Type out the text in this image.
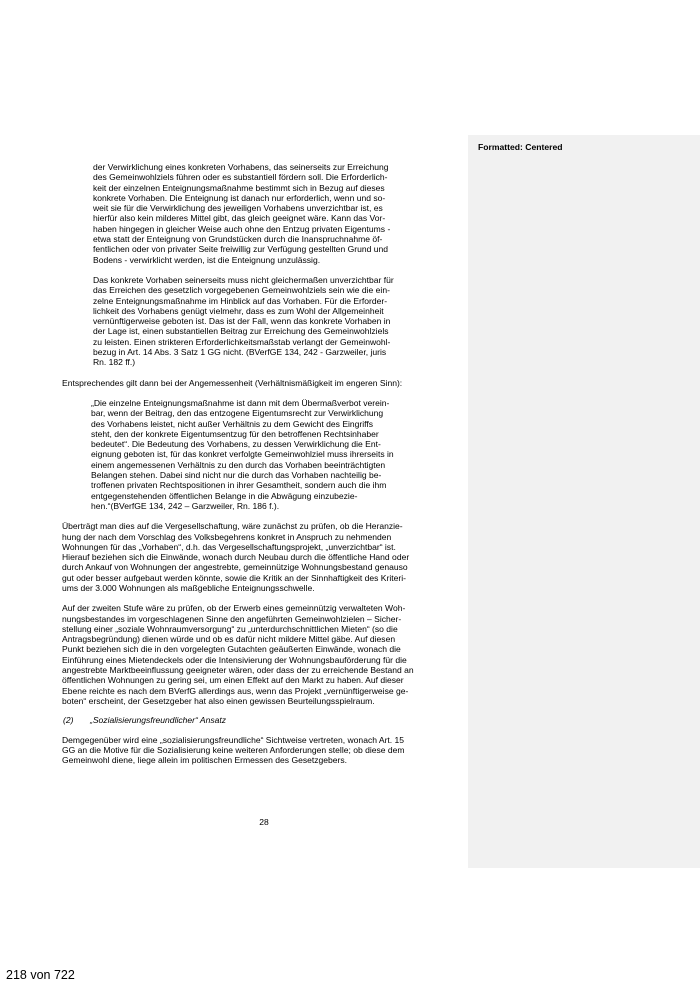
Formatted: Centered
der Verwirklichung eines konkreten Vorhabens, das seinerseits zur Erreichung
des Gemeinwohlziels führen oder es substantiell fördern soll. Die Erforderlich-
keit der einzelnen Enteignungsmaßnahme bestimmt sich in Bezug auf dieses
konkrete Vorhaben. Die Enteignung ist danach nur erforderlich, wenn und so-
weit sie für die Verwirklichung des jeweiligen Vorhabens unverzichtbar ist, es
hierfür also kein milderes Mittel gibt, das gleich geeignet wäre. Kann das Vor-
haben hingegen in gleicher Weise auch ohne den Entzug privaten Eigentums -
etwa statt der Enteignung von Grundstücken durch die Inanspruchnahme öf-
fentlichen oder von privater Seite freiwillig zur Verfügung gestellten Grund und
Bodens - verwirklicht werden, ist die Enteignung unzulässig.
Das konkrete Vorhaben seinerseits muss nicht gleichermaßen unverzichtbar für
das Erreichen des gesetzlich vorgegebenen Gemeinwohlziels sein wie die ein-
zelne Enteignungsmaßnahme im Hinblick auf das Vorhaben. Für die Erforder-
lichkeit des Vorhabens genügt vielmehr, dass es zum Wohl der Allgemeinheit
vernünftigerweise geboten ist. Das ist der Fall, wenn das konkrete Vorhaben in
der Lage ist, einen substantiellen Beitrag zur Erreichung des Gemeinwohlziels
zu leisten. Einen strikteren Erforderlichkeitsmaßstab verlangt der Gemeinwohl-
bezug in Art. 14 Abs. 3 Satz 1 GG nicht. (BVerfGE 134, 242 - Garzweiler, juris
Rn. 182 ff.)
Entsprechendes gilt dann bei der Angemessenheit (Verhältnismäßigkeit im engeren Sinn):
„Die einzelne Enteignungsmaßnahme ist dann mit dem Übermaßverbot verein-
bar, wenn der Beitrag, den das entzogene Eigentumsrecht zur Verwirklichung
des Vorhabens leistet, nicht außer Verhältnis zu dem Gewicht des Eingriffs
steht, den der konkrete Eigentumsentzug für den betroffenen Rechtsinhaber
bedeutet“. Die Bedeutung des Vorhabens, zu dessen Verwirklichung die Ent-
eignung geboten ist, für das konkret verfolgte Gemeinwohlziel muss ihrerseits in
einem angemessenen Verhältnis zu den durch das Vorhaben beeinträchtigten
Belangen stehen. Dabei sind nicht nur die durch das Vorhaben nachteilig be-
troffenen privaten Rechtspositionen in ihrer Gesamtheit, sondern auch die ihm
entgegenstehenden öffentlichen Belange in die Abwägung einzubezie-
hen.“(BVerfGE 134, 242 – Garzweiler, Rn. 186 f.).
Überträgt man dies auf die Vergesellschaftung, wäre zunächst zu prüfen, ob die Heranzie-
hung der nach dem Vorschlag des Volksbegehrens konkret in Anspruch zu nehmenden
Wohnungen für das „Vorhaben“, d.h. das Vergesellschaftungsprojekt, „unverzichtbar“ ist.
Hierauf beziehen sich die Einwände, wonach durch Neubau durch die öffentliche Hand oder
durch Ankauf von Wohnungen der angestrebte, gemeinnützige Wohnungsbestand genauso
gut oder besser aufgebaut werden könnte, sowie die Kritik an der Sinnhaftigkeit des Kriteri-
ums der 3.000 Wohnungen als maßgebliche Enteignungsschwelle.
Auf der zweiten Stufe wäre zu prüfen, ob der Erwerb eines gemeinnützig verwalteten Woh-
nungsbestandes im vorgeschlagenen Sinne den angeführten Gemeinwohlzielen – Sicher-
stellung einer „soziale Wohnraumversorgung“ zu „unterdurchschnittlichen Mieten“ (so die
Antragsbegründung) dienen würde und ob es dafür nicht mildere Mittel gäbe. Auf diesen
Punkt beziehen sich die in den vorgelegten Gutachten geäußerten Einwände, wonach die
Einführung eines Mietendeckels oder die Intensivierung der Wohnungsbauförderung für die
angestrebte Marktbeeinflussung geeigneter wären, oder dass der zu erreichende Bestand an
öffentlichen Wohnungen zu gering sei, um einen Effekt auf den Markt zu haben. Auf dieser
Ebene reichte es nach dem BVerfG allerdings aus, wenn das Projekt „vernünftigerweise ge-
boten“ erscheint, der Gesetzgeber hat also einen gewissen Beurteilungsspielraum.
(2) „Sozialisierungsfreundlicher“ Ansatz
Demgegenüber wird eine „sozialisierungsfreundliche“ Sichtweise vertreten, wonach Art. 15
GG an die Motive für die Sozialisierung keine weiteren Anforderungen stelle; ob diese dem
Gemeinwohl diene, liege allein im politischen Ermessen des Gesetzgebers.
28
218 von 722
